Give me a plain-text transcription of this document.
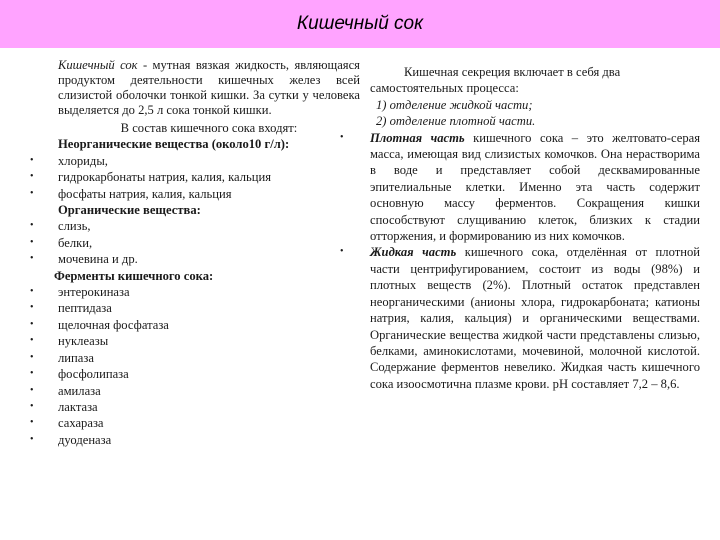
Кишечный сок
Кишечный сок - мутная вязкая жидкость, являющаяся продуктом деятельности кишечных желез всей слизистой оболочки тонкой кишки. За сутки у человека выделяется до 2,5 л сока тонкой кишки.
В состав кишечного сока входят:
Неорганические вещества (около10 г/л):
• хлориды,
• гидрокарбонаты натрия, калия, кальция
• фосфаты натрия, калия, кальция
Органические вещества:
• слизь,
• белки,
• мочевина и др.
Ферменты кишечного сока:
• энтерокиназа
• пептидаза
• щелочная фосфатаза
• нуклеазы
• липаза
• фосфолипаза
• амилаза
• лактаза
• сахараза
• дуоденаза
Кишечная секреция включает в себя два
самостоятельных процесса:
1) отделение жидкой части;
2) отделение плотной части.
• Плотная часть кишечного сока – это желтовато-серая масса, имеющая вид слизистых комочков. Она нерастворима в воде и представляет собой десквамированные эпителиальные клетки. Именно эта часть содержит основную массу ферментов. Сокращения кишки способствуют слущиванию клеток, близких к стадии отторжения, и формированию из них комочков.
• Жидкая часть кишечного сока, отделённая от плотной части центрифугированием, состоит из воды (98%) и плотных веществ (2%). Плотный остаток представлен неорганическими (анионы хлора, гидрокарбоната; катионы натрия, калия, кальция) и органическими веществами. Органические вещества жидкой части представлены слизью, белками, аминокислотами, мочевиной, молочной кислотой. Содержание ферментов невелико. Жидкая часть кишечного сока изоосмотична плазме крови. рН составляет 7,2 – 8,6.
